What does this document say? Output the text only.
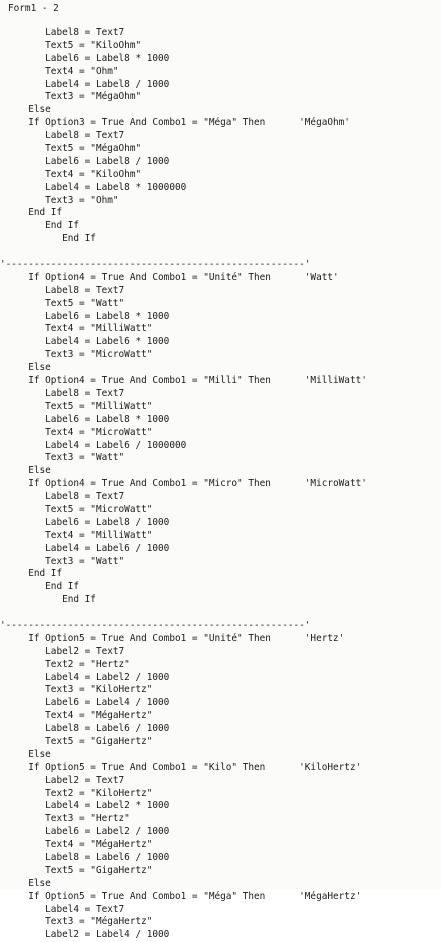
Form1 - 2
Label8 = Text7
Text5 = "KiloOhm"
Label6 = Label8 * 1000
Text4 = "Ohm"
Label4 = Label8 / 1000
Text3 = "MégaOhm"
Else
If Option3 = True And Combo1 = "Méga" Then      'MégaOhm'
Label8 = Text7
Text5 = "MégaOhm"
Label6 = Label8 / 1000
Text4 = "KiloOhm"
Label4 = Label8 * 1000000
Text3 = "Ohm"
End If
End If
End If
'-----------------------------------------------------'
If Option4 = True And Combo1 = "Unité" Then      'Watt'
Label8 = Text7
Text5 = "Watt"
Label6 = Label8 * 1000
Text4 = "MilliWatt"
Label4 = Label6 * 1000
Text3 = "MicroWatt"
Else
If Option4 = True And Combo1 = "Milli" Then      'MilliWatt'
Label8 = Text7
Text5 = "MilliWatt"
Label6 = Label8 * 1000
Text4 = "MicroWatt"
Label4 = Label6 / 1000000
Text3 = "Watt"
Else
If Option4 = True And Combo1 = "Micro" Then      'MicroWatt'
Label8 = Text7
Text5 = "MicroWatt"
Label6 = Label8 / 1000
Text4 = "MilliWatt"
Label4 = Label6 / 1000
Text3 = "Watt"
End If
End If
End If
'-----------------------------------------------------'
If Option5 = True And Combo1 = "Unité" Then      'Hertz'
Label2 = Text7
Text2 = "Hertz"
Label4 = Label2 / 1000
Text3 = "KiloHertz"
Label6 = Label4 / 1000
Text4 = "MégaHertz"
Label8 = Label6 / 1000
Text5 = "GigaHertz"
Else
If Option5 = True And Combo1 = "Kilo" Then      'KiloHertz'
Label2 = Text7
Text2 = "KiloHertz"
Label4 = Label2 * 1000
Text3 = "Hertz"
Label6 = Label2 / 1000
Text4 = "MégaHertz"
Label8 = Label6 / 1000
Text5 = "GigaHertz"
Else
If Option5 = True And Combo1 = "Méga" Then      'MégaHertz'
Label4 = Text7
Text3 = "MégaHertz"
Label2 = Label4 / 1000
